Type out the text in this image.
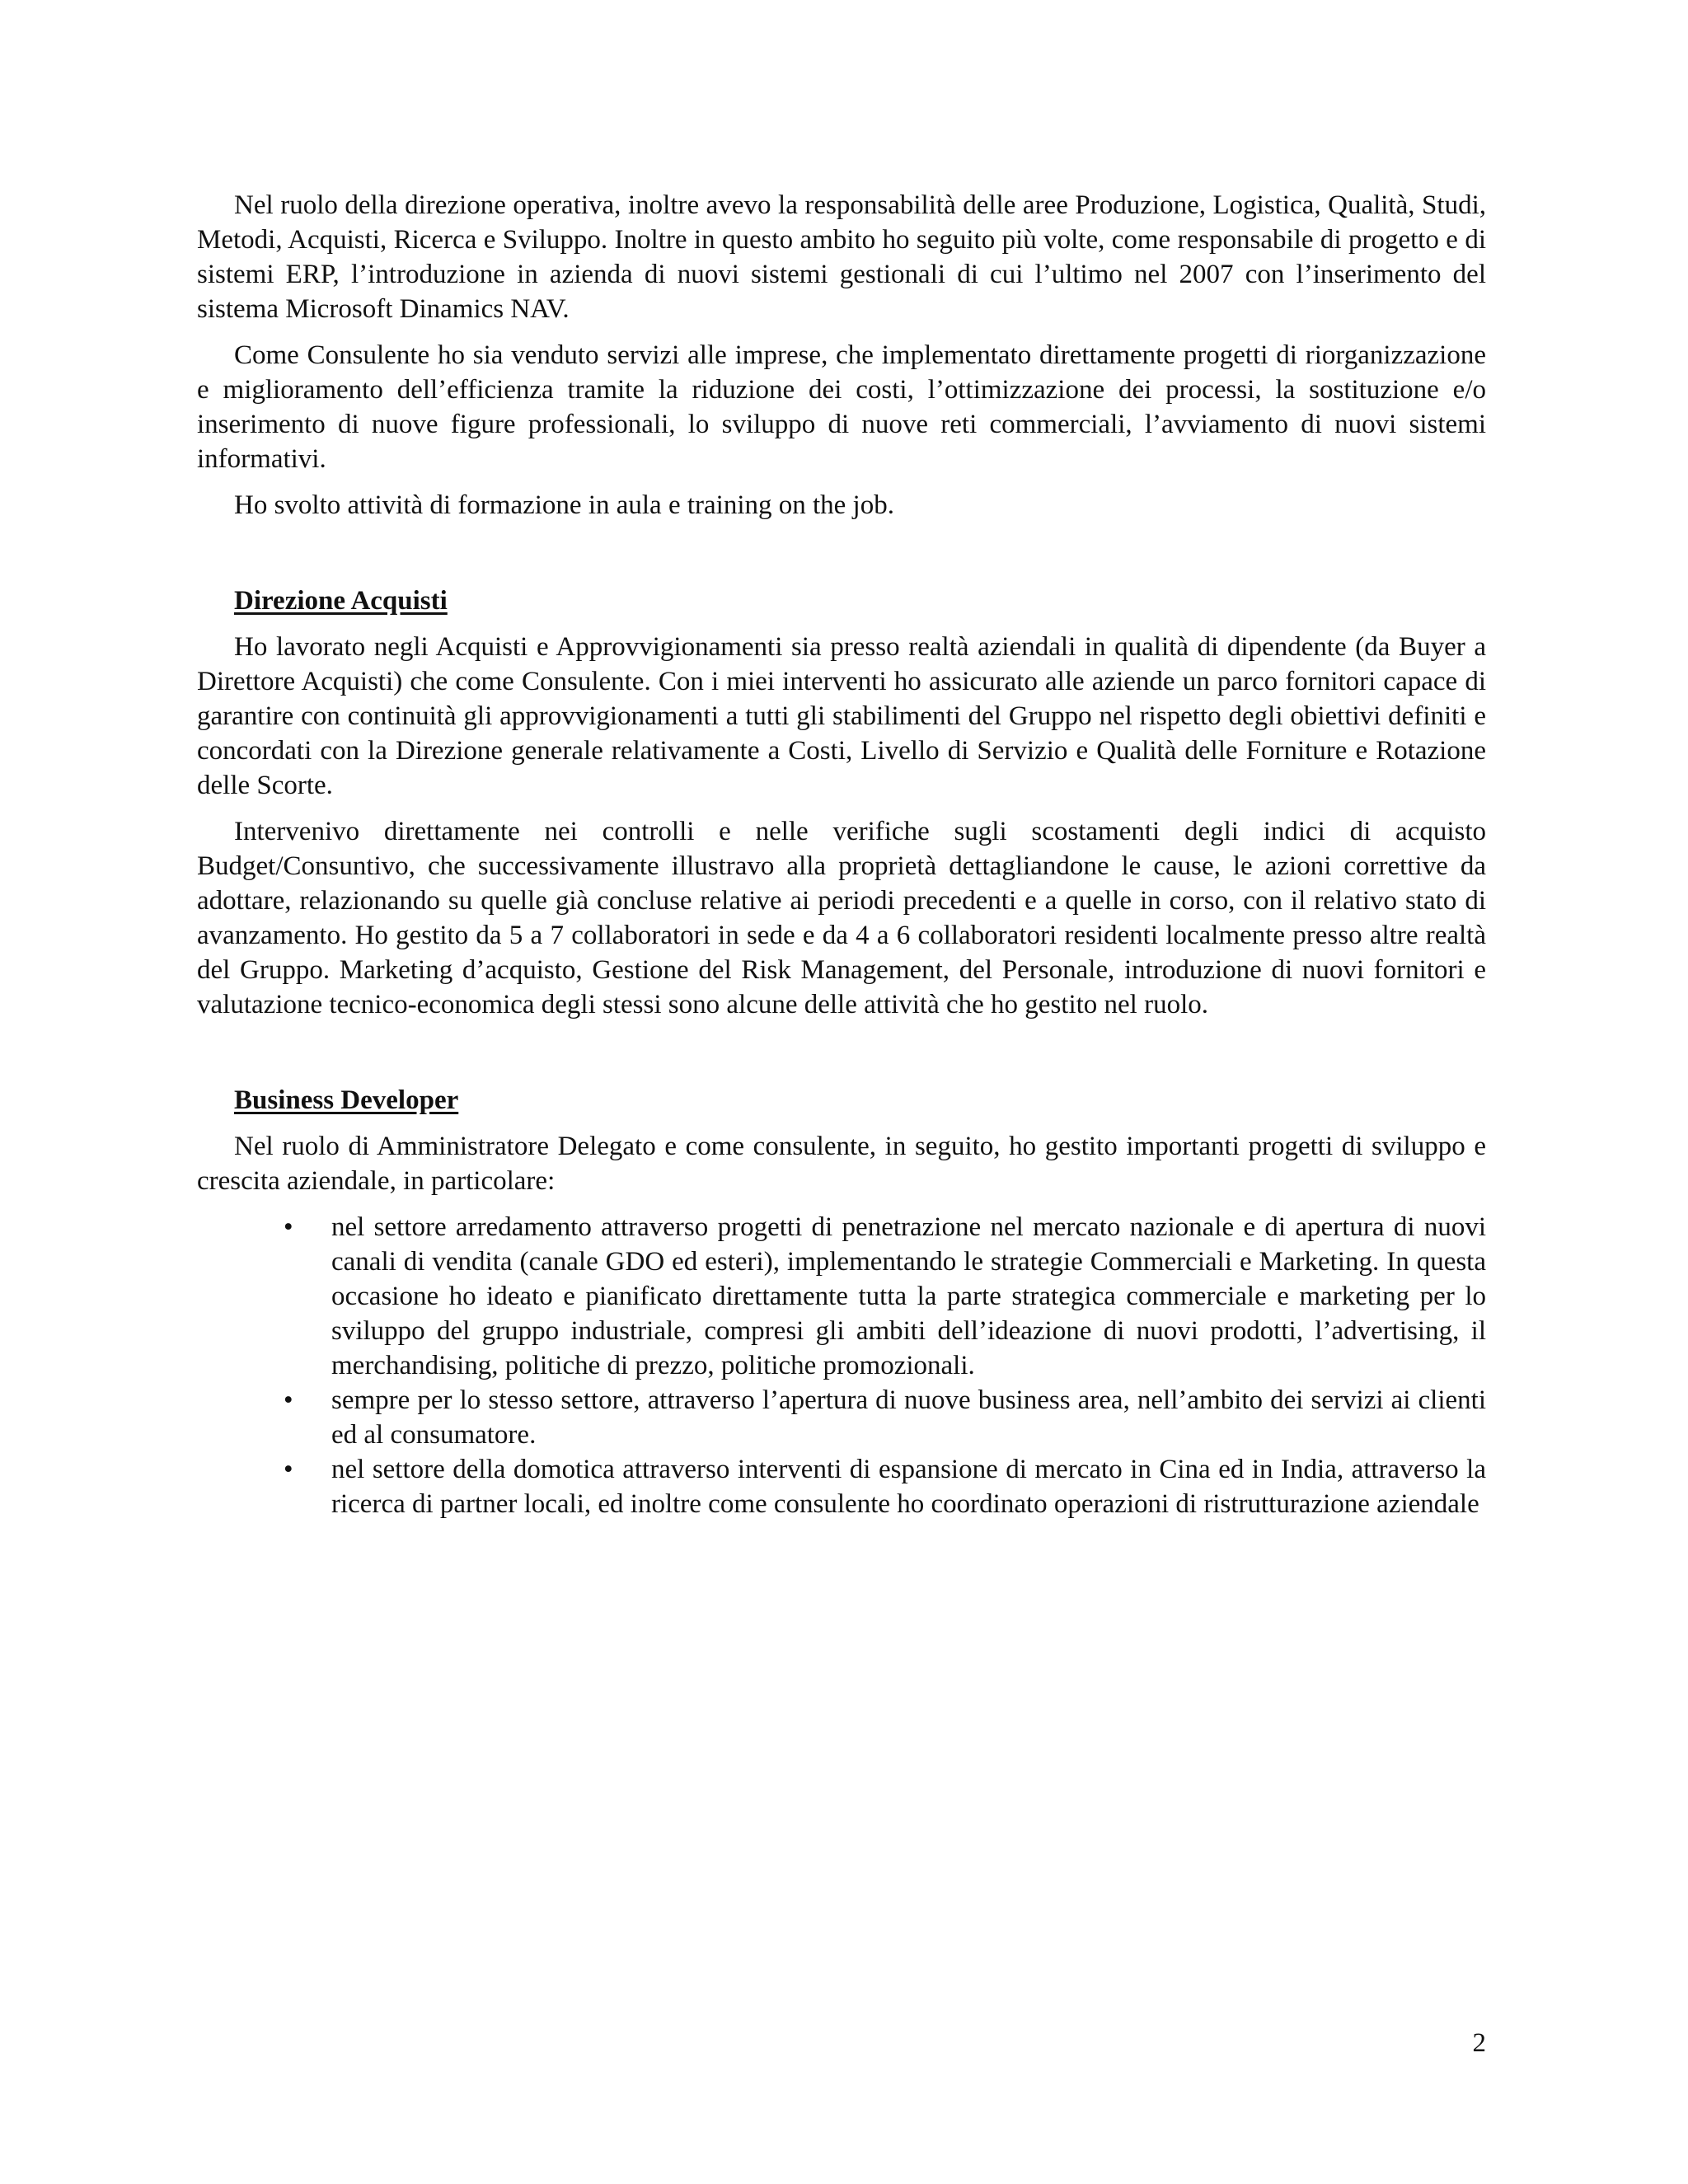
Nel ruolo della direzione operativa, inoltre avevo la responsabilità delle aree Produzione, Logistica, Qualità, Studi, Metodi, Acquisti, Ricerca e Sviluppo. Inoltre in questo ambito ho seguito più volte, come responsabile di progetto e di sistemi ERP, l’introduzione in azienda di nuovi sistemi gestionali di cui l’ultimo nel 2007 con l’inserimento del sistema Microsoft Dinamics NAV.

Come Consulente ho sia venduto servizi alle imprese, che implementato direttamente progetti di riorganizzazione e miglioramento dell’efficienza tramite la riduzione dei costi, l’ottimizzazione dei processi, la sostituzione e/o inserimento di nuove figure professionali, lo sviluppo di nuove reti commerciali, l’avviamento di nuovi sistemi informativi.

Ho svolto attività di formazione in aula e training on the job.

Direzione Acquisti

Ho lavorato negli Acquisti e Approvvigionamenti sia presso realtà aziendali in qualità di dipendente (da Buyer a Direttore Acquisti) che come Consulente. Con i miei interventi ho assicurato alle aziende un parco fornitori capace di garantire con continuità gli approvvigionamenti a tutti gli stabilimenti del Gruppo nel rispetto degli obiettivi definiti e concordati con la Direzione generale relativamente a Costi, Livello di Servizio e Qualità delle Forniture e Rotazione delle Scorte.

Intervenivo direttamente nei controlli e nelle verifiche sugli scostamenti degli indici di acquisto Budget/Consuntivo, che successivamente illustravo alla proprietà dettagliandone le cause, le azioni correttive da adottare, relazionando su quelle già concluse relative ai periodi precedenti e a quelle in corso, con il relativo stato di avanzamento. Ho gestito da 5 a 7 collaboratori in sede e da 4 a 6 collaboratori residenti localmente presso altre realtà del Gruppo. Marketing d’acquisto, Gestione del Risk Management, del Personale, introduzione di nuovi fornitori e valutazione tecnico-economica degli stessi sono alcune delle attività che ho gestito nel ruolo.

Business Developer

Nel ruolo di Amministratore Delegato e come consulente, in seguito, ho gestito importanti progetti di sviluppo e crescita aziendale, in particolare:

• nel settore arredamento attraverso progetti di penetrazione nel mercato nazionale e di apertura di nuovi canali di vendita (canale GDO ed esteri), implementando le strategie Commerciali e Marketing. In questa occasione ho ideato e pianificato direttamente tutta la parte strategica commerciale e marketing per lo sviluppo del gruppo industriale, compresi gli ambiti dell’ideazione di nuovi prodotti, l’advertising, il merchandising, politiche di prezzo, politiche promozionali.
• sempre per lo stesso settore, attraverso l’apertura di nuove business area, nell’ambito dei servizi ai clienti ed al consumatore.
• nel settore della domotica attraverso interventi di espansione di mercato in Cina ed in India, attraverso la ricerca di partner locali, ed inoltre come consulente ho coordinato operazioni di ristrutturazione aziendale
2
